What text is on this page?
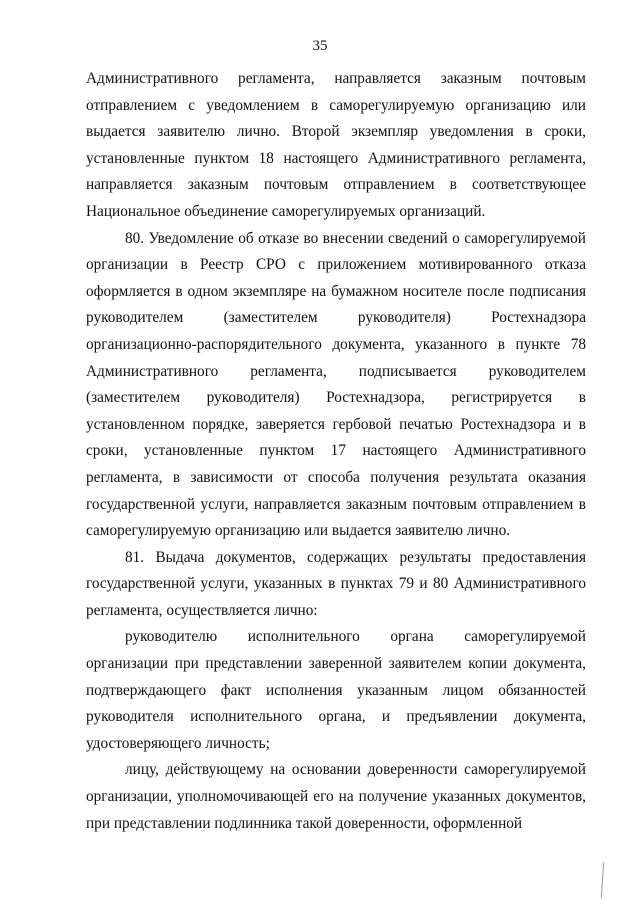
35

Административного регламента, направляется заказным почтовым отправлением с уведомлением в саморегулируемую организацию или выдается заявителю лично. Второй экземпляр уведомления в сроки, установленные пунктом 18 настоящего Административного регламента, направляется заказным почтовым отправлением в соответствующее Национальное объединение саморегулируемых организаций.

80. Уведомление об отказе во внесении сведений о саморегулируемой организации в Реестр СРО с приложением мотивированного отказа оформляется в одном экземпляре на бумажном носителе после подписания руководителем (заместителем руководителя) Ростехнадзора организационно-распорядительного документа, указанного в пункте 78 Административного регламента, подписывается руководителем (заместителем руководителя) Ростехнадзора, регистрируется в установленном порядке, заверяется гербовой печатью Ростехнадзора и в сроки, установленные пунктом 17 настоящего Административного регламента, в зависимости от способа получения результата оказания государственной услуги, направляется заказным почтовым отправлением в саморегулируемую организацию или выдается заявителю лично.

81. Выдача документов, содержащих результаты предоставления государственной услуги, указанных в пунктах 79 и 80 Административного регламента, осуществляется лично:

руководителю исполнительного органа саморегулируемой организации при представлении заверенной заявителем копии документа, подтверждающего факт исполнения указанным лицом обязанностей руководителя исполнительного органа, и предъявлении документа, удостоверяющего личность;

лицу, действующему на основании доверенности саморегулируемой организации, уполномочивающей его на получение указанных документов, при представлении подлинника такой доверенности, оформленной
